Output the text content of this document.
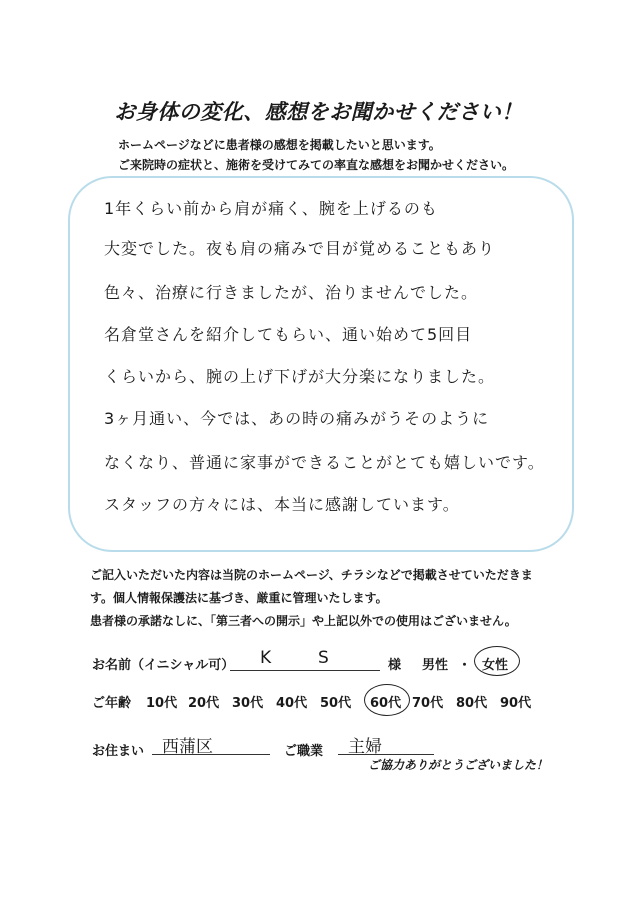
お身体の変化、感想をお聞かせください！
ホームページなどに患者様の感想を掲載したいと思います。
ご来院時の症状と、施術を受けてみての率直な感想をお聞かせください。
1年くらい前から肩が痛く、腕を上げるのも
大変でした。夜も肩の痛みで目が覚めることもあり
色々、治療に行きましたが、治りませんでした。
名倉堂さんを紹介してもらい、通い始めて5回目
くらいから、腕の上げ下げが大分楽になりました。
3ヶ月通い、今では、あの時の痛みがうそのように
なくなり、普通に家事ができることがとても嬉しいです。
スタッフの方々には、本当に感謝しています。
ご記入いただいた内容は当院のホームページ、チラシなどで掲載させていただきま
す。個人情報保護法に基づき、厳重に管理いたします。
患者様の承諾なしに、「第三者への開示」や上記以外での使用はございません。
お名前（イニシャル可） K	S	様 男性 ・ 女性
ご年齢 10代 20代 30代 40代 50代 60代 70代 80代 90代
お住まい 西蒲区	ご職業 主婦
ご協力ありがとうございました！
